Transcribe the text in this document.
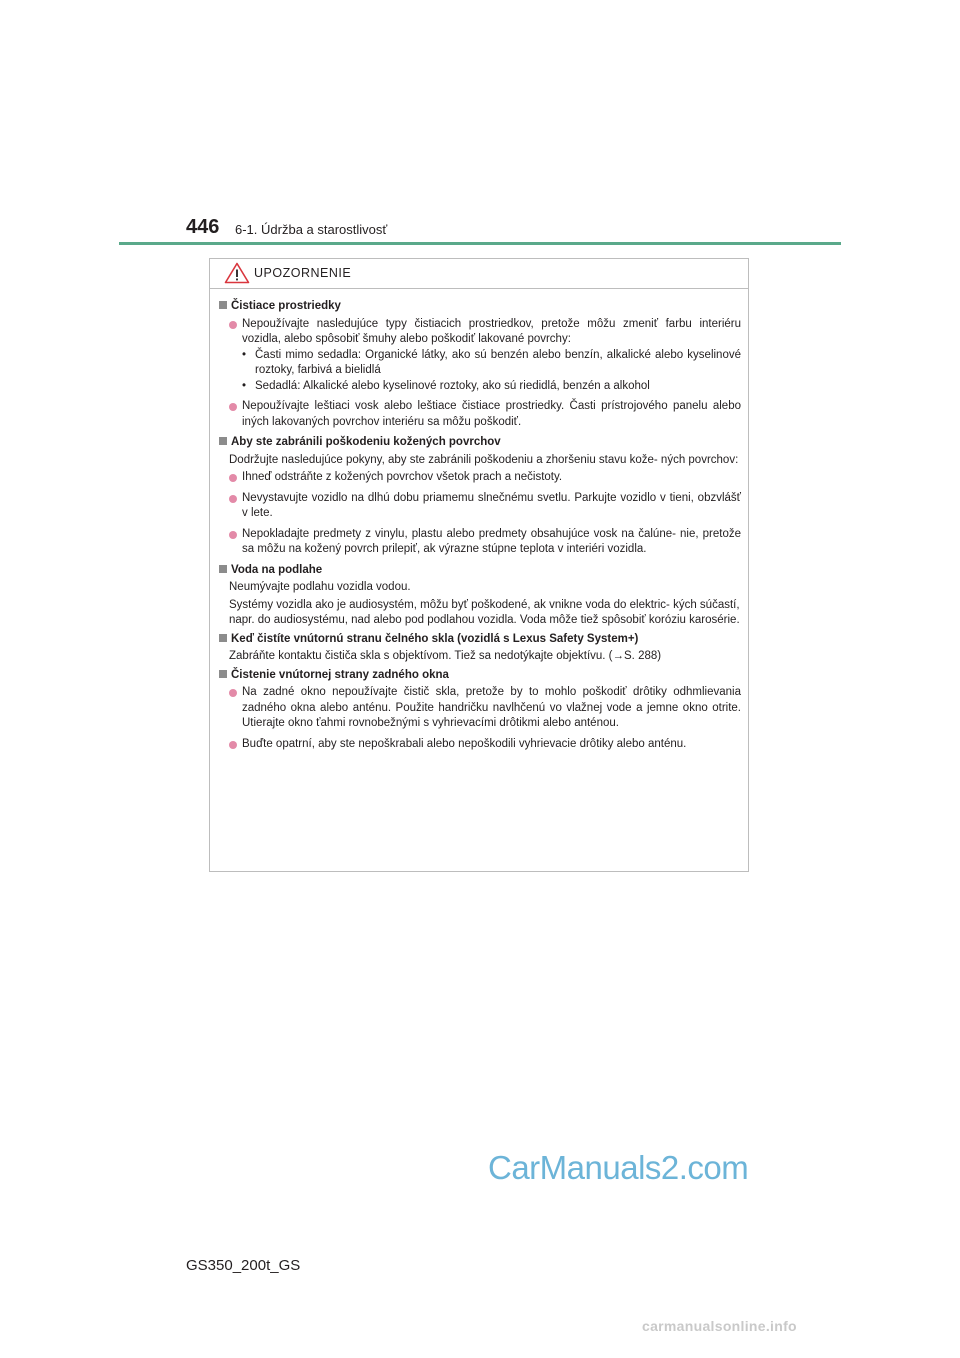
446 6-1. Údržba a starostlivosť
UPOZORNENIE
Čistiace prostriedky
Nepoužívajte nasledujúce typy čistiacich prostriedkov, pretože môžu zmeniť farbu interiéru vozidla, alebo spôsobiť šmuhy alebo poškodiť lakované povrchy:
• Časti mimo sedadla: Organické látky, ako sú benzén alebo benzín, alkalické alebo kyselinové roztoky, farbivá a bielidlá
• Sedadlá: Alkalické alebo kyselinové roztoky, ako sú riedidlá, benzén a alkohol
Nepoužívajte leštiaci vosk alebo leštiace čistiace prostriedky. Časti prístrojového panelu alebo iných lakovaných povrchov interiéru sa môžu poškodiť.
Aby ste zabránili poškodeniu kožených povrchov
Dodržujte nasledujúce pokyny, aby ste zabránili poškodeniu a zhoršeniu stavu kože- ných povrchov:
Ihneď odstráňte z kožených povrchov všetok prach a nečistoty.
Nevystavujte vozidlo na dlhú dobu priamemu slnečnému svetlu. Parkujte vozidlo v tieni, obzvlášť v lete.
Nepokladajte predmety z vinylu, plastu alebo predmety obsahujúce vosk na čalúne- nie, pretože sa môžu na kožený povrch prilepiť, ak výrazne stúpne teplota v interiéri vozidla.
Voda na podlahe
Neumývajte podlahu vozidla vodou.
Systémy vozidla ako je audiosystém, môžu byť poškodené, ak vnikne voda do elektric- kých súčastí, napr. do audiosystému, nad alebo pod podlahou vozidla. Voda môže tiež spôsobiť koróziu karosérie.
Keď čistíte vnútornú stranu čelného skla (vozidlá s Lexus Safety System+)
Zabráňte kontaktu čističa skla s objektívom. Tiež sa nedotýkajte objektívu. (→S. 288)
Čistenie vnútornej strany zadného okna
Na zadné okno nepoužívajte čistič skla, pretože by to mohlo poškodiť drôtiky odhmlievania zadného okna alebo anténu. Použite handričku navlhčenú vo vlažnej vode a jemne okno otrite. Utierajte okno ťahmi rovnobežnými s vyhrievacími drôtikmi alebo anténou.
Buďte opatrní, aby ste nepoškrabali alebo nepoškodili vyhrievacie drôtiky alebo anténu.
GS350_200t_GS
CarManuals2.com
carmanualsonline.info
